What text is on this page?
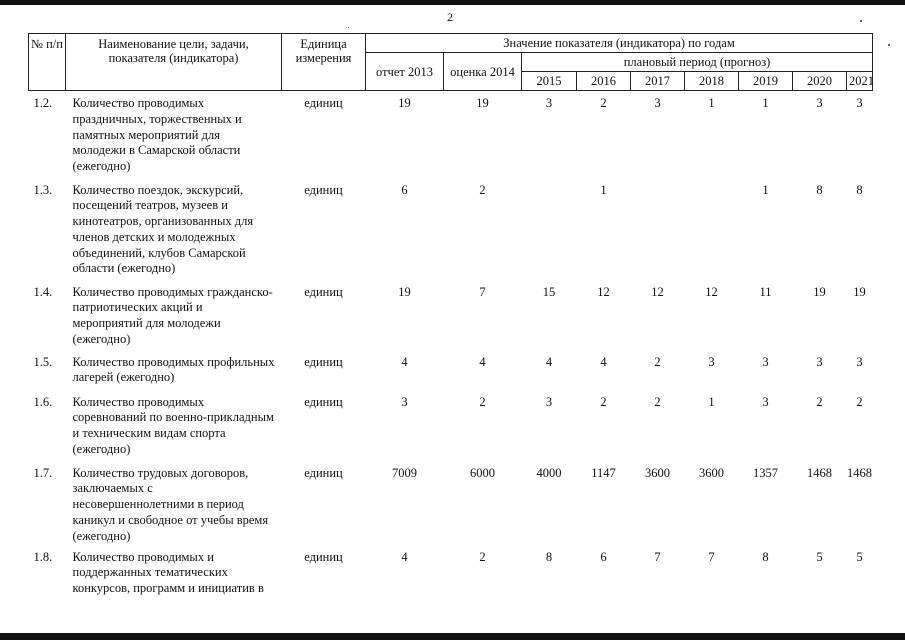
2
№ п/п	Наименование цели, задачи, показателя (индикатора)	Единица измерения	Значение показателя (индикатора) по годам								
			отчет 2013	оценка 2014	плановый период (прогноз)						
					2015	2016	2017	2018	2019	2020	2021
1.2.	Количество проводимых праздничных, торжественных и памятных мероприятий для молодежи в Самарской области (ежегодно)	единиц	19	19	3	2	3	1	1	3	3
1.3.	Количество поездок, экскурсий, посещений театров, музеев и кинотеатров, организованных для членов детских и молодежных объединений, клубов Самарской области (ежегодно)	единиц	6	2		1			1	8	8
1.4.	Количество проводимых гражданско-патриотических акций и мероприятий для молодежи (ежегодно)	единиц	19	7	15	12	12	12	11	19	19
1.5.	Количество проводимых профильных лагерей (ежегодно)	единиц	4	4	4	4	2	3	3	3	3
1.6.	Количество проводимых соревнований по военно-прикладным и техническим видам спорта (ежегодно)	единиц	3	2	3	2	2	1	3	2	2
1.7.	Количество трудовых договоров, заключаемых с несовершеннолетними в период каникул и свободное от учебы время (ежегодно)	единиц	7009	6000	4000	1147	3600	3600	1357	1468	1468
1.8.	Количество проводимых и поддержанных тематических конкурсов, программ и инициатив в	единиц	4	2	8	6	7	7	8	5	5
